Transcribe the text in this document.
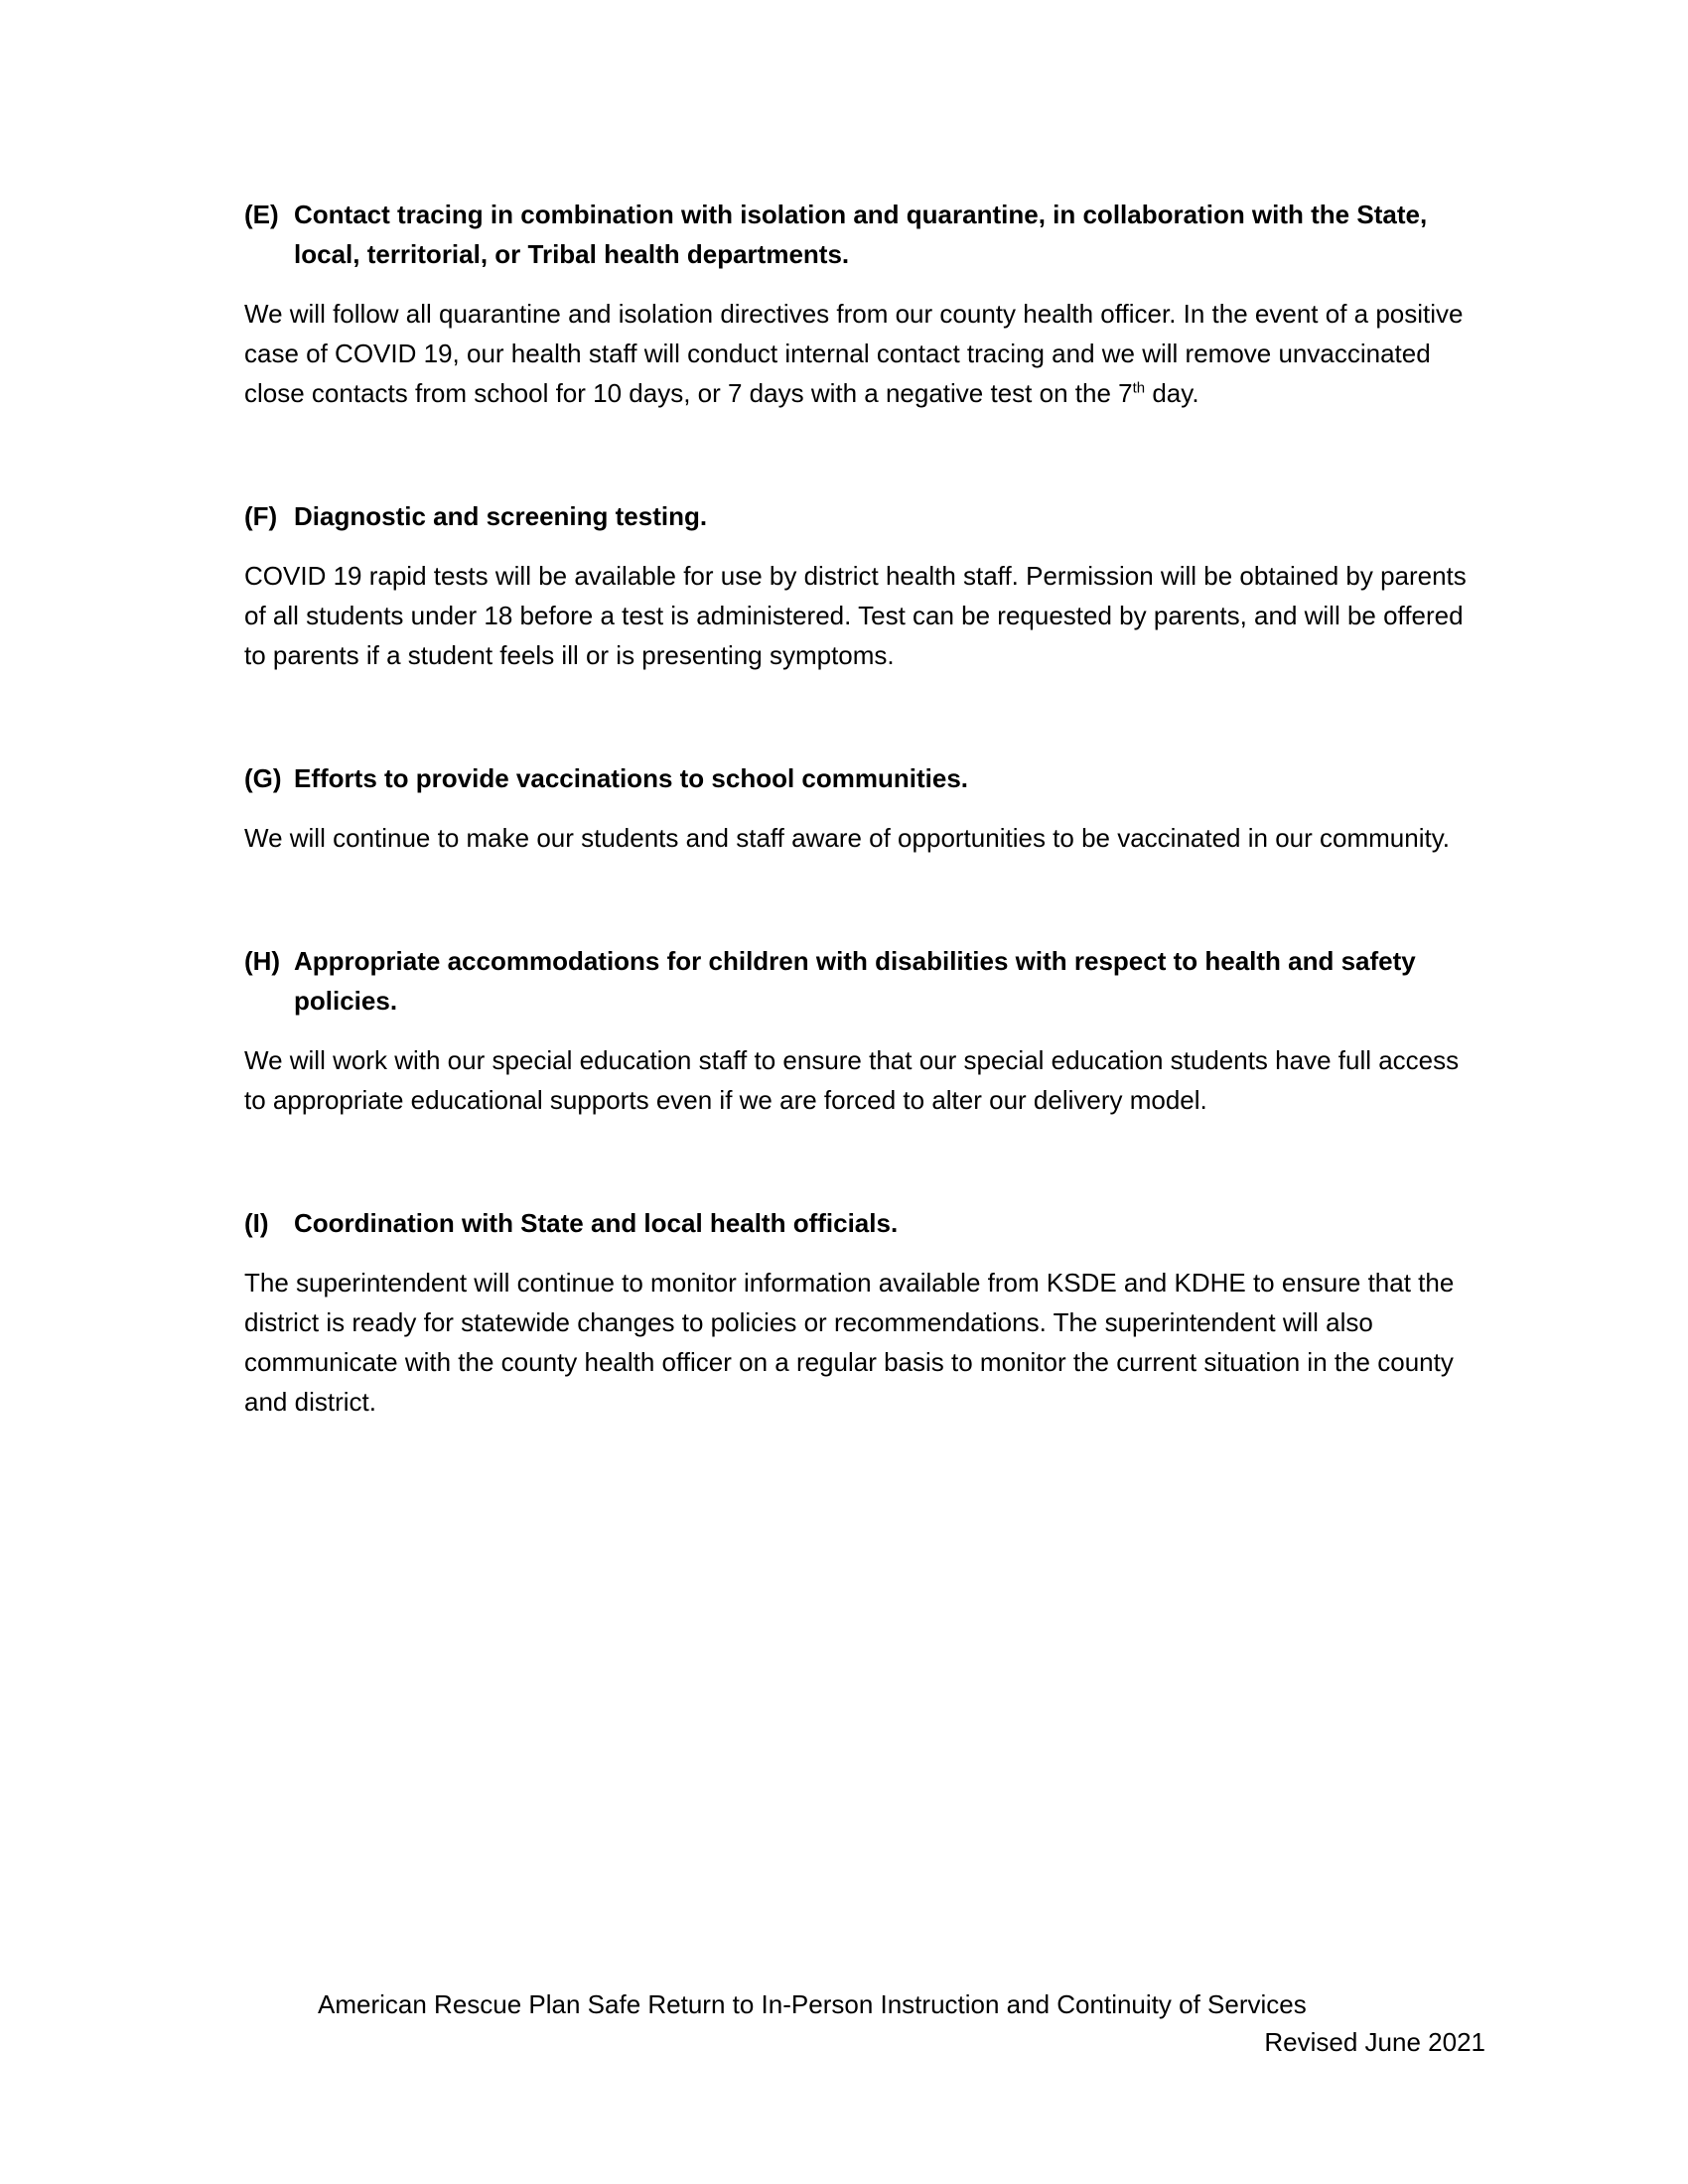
(E) Contact tracing in combination with isolation and quarantine, in collaboration with the State, local, territorial, or Tribal health departments.

We will follow all quarantine and isolation directives from our county health officer. In the event of a positive case of COVID 19, our health staff will conduct internal contact tracing and we will remove unvaccinated close contacts from school for 10 days, or 7 days with a negative test on the 7th day.

(F) Diagnostic and screening testing.

COVID 19 rapid tests will be available for use by district health staff. Permission will be obtained by parents of all students under 18 before a test is administered. Test can be requested by parents, and will be offered to parents if a student feels ill or is presenting symptoms.

(G) Efforts to provide vaccinations to school communities.

We will continue to make our students and staff aware of opportunities to be vaccinated in our community.

(H) Appropriate accommodations for children with disabilities with respect to health and safety policies.

We will work with our special education staff to ensure that our special education students have full access to appropriate educational supports even if we are forced to alter our delivery model.

(I) Coordination with State and local health officials.

The superintendent will continue to monitor information available from KSDE and KDHE to ensure that the district is ready for statewide changes to policies or recommendations. The superintendent will also communicate with the county health officer on a regular basis to monitor the current situation in the county and district.

American Rescue Plan Safe Return to In-Person Instruction and Continuity of Services
Revised June 2021
